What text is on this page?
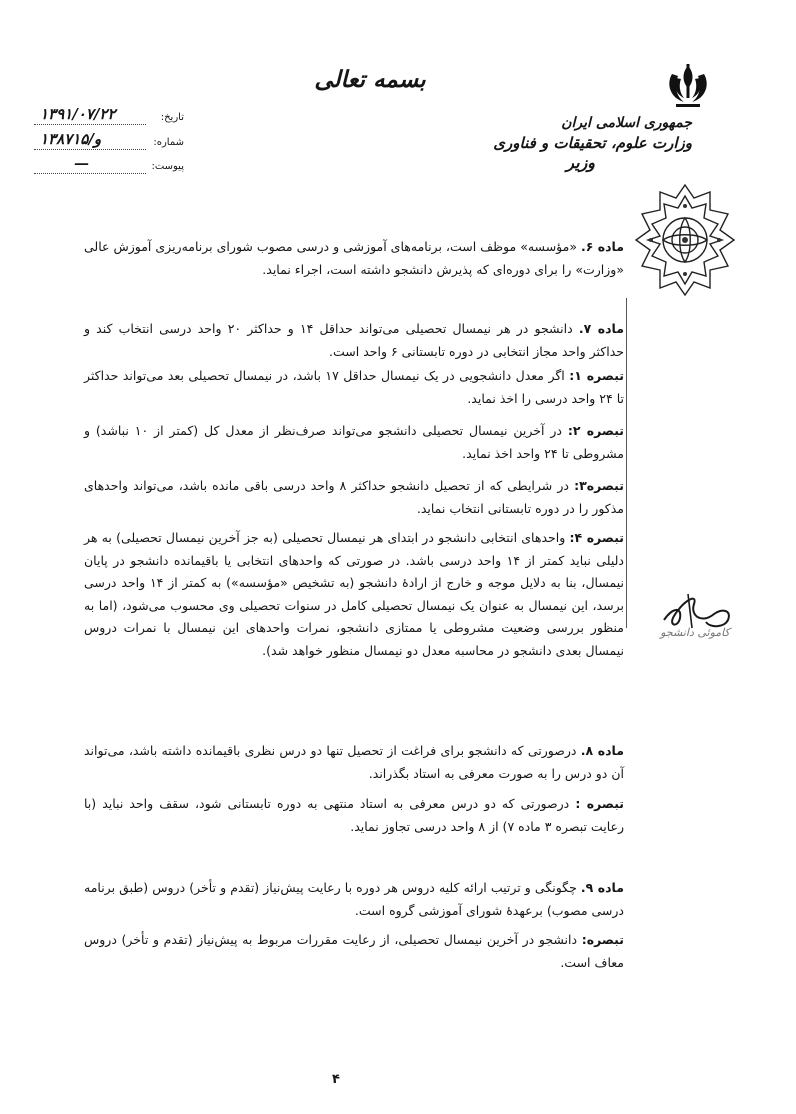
بسمه تعالی
جمهوری اسلامی ایران
وزارت علوم، تحقیقات و فناوری
وزیر
تاریخ:
۱۳۹۱/۰۷/۲۲
شماره:
۱۳۸۷۱۵/و
پیوست:
—
کاموئی دانشجو
ماده ۶. «مؤسسه» موظف است، برنامه‌های آموزشی و درسی مصوب شورای برنامه‌ریزی آموزش عالی «وزارت» را برای دوره‌ای که پذیرش دانشجو داشته است، اجراء نماید.
ماده ۷. دانشجو در هر نیمسال تحصیلی می‌تواند حداقل ۱۴ و حداکثر ۲۰ واحد درسی انتخاب کند و حداکثر واحد مجاز انتخابی در دوره تابستانی ۶ واحد است.
تبصره ۱: اگر معدل دانشجویی در یک نیمسال حداقل ۱۷ باشد، در نیمسال تحصیلی بعد می‌تواند حداکثر تا ۲۴ واحد درسی را اخذ نماید.
تبصره ۲: در آخرین نیمسال تحصیلی دانشجو می‌تواند صرف‌نظر از معدل کل (کمتر از ۱۰ نباشد) و مشروطی تا ۲۴ واحد اخذ نماید.
تبصره۳: در شرایطی که از تحصیل دانشجو حداکثر ۸ واحد درسی باقی مانده باشد، می‌تواند واحدهای مذکور را در دوره تابستانی انتخاب نماید.
تبصره ۴: واحدهای انتخابی دانشجو در ابتدای هر نیمسال تحصیلی (به جز آخرین نیمسال تحصیلی) به هر دلیلی نباید کمتر از ۱۴ واحد درسی باشد. در صورتی که واحدهای انتخابی یا باقیمانده دانشجو در پایان نیمسال، بنا به دلایل موجه و خارج از ارادهٔ دانشجو (به تشخیص «مؤسسه») به کمتر از ۱۴ واحد درسی برسد، این نیمسال به عنوان یک نیمسال تحصیلی کامل در سنوات تحصیلی وی محسوب می‌شود، (اما به منظور بررسی وضعیت مشروطی یا ممتازی دانشجو، نمرات واحدهای این نیمسال با نمرات دروس نیمسال بعدی دانشجو در محاسبه معدل دو نیمسال منظور خواهد شد).
ماده ۸. درصورتی که دانشجو برای فراغت از تحصیل تنها دو درس نظری باقیمانده داشته باشد، می‌تواند آن دو درس را به صورت معرفی به استاد بگذراند.
تبصره : درصورتی که دو درس معرفی به استاد منتهی به دوره تابستانی شود، سقف واحد نباید (با رعایت تبصره ۳ ماده ۷) از ۸ واحد درسی تجاوز نماید.
ماده ۹. چگونگی و ترتیب ارائه کلیه دروس هر دوره با رعایت پیش‌نیاز (تقدم و تأخر) دروس (طبق برنامه درسی مصوب) برعهدهٔ شورای آموزشی گروه است.
تبصره: دانشجو در آخرین نیمسال تحصیلی، از رعایت مقررات مربوط به پیش‌نیاز (تقدم و تأخر) دروس معاف است.
۴
